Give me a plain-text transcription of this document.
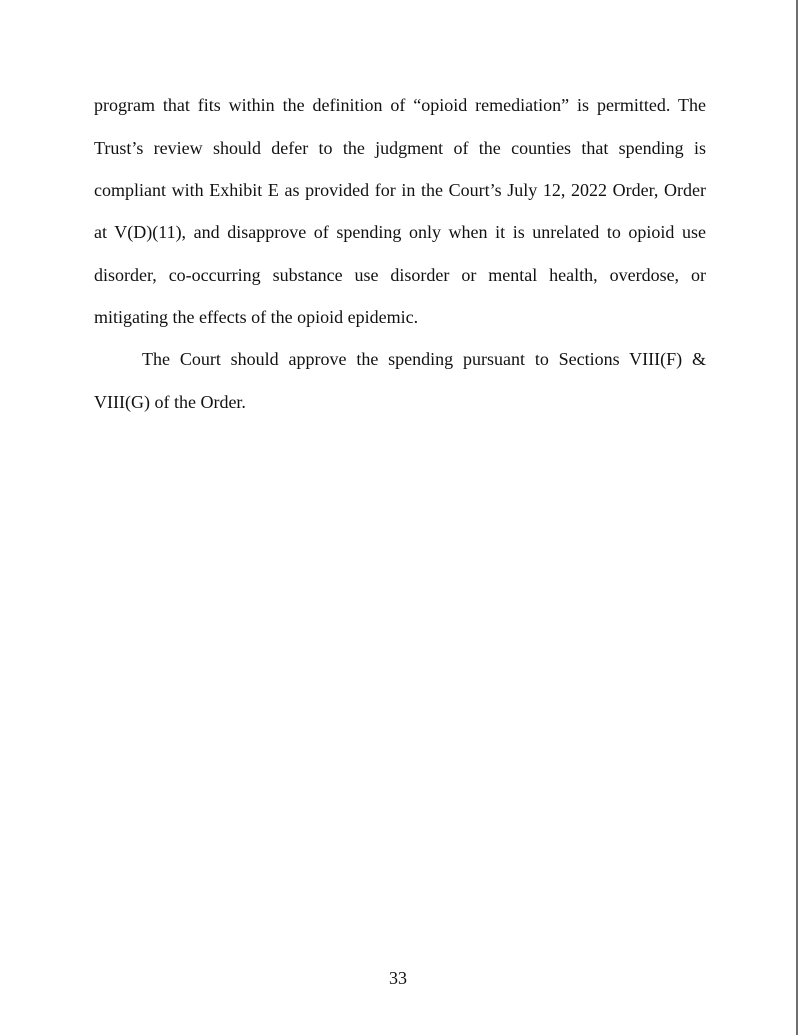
program that fits within the definition of “opioid remediation” is permitted. The
Trust’s review should defer to the judgment of the counties that spending is
compliant with Exhibit E as provided for in the Court’s July 12, 2022 Order, Order
at V(D)(11), and disapprove of spending only when it is unrelated to opioid use
disorder, co-occurring substance use disorder or mental health, overdose, or
mitigating the effects of the opioid epidemic.
The Court should approve the spending pursuant to Sections VIII(F) &
VIII(G) of the Order.
33
